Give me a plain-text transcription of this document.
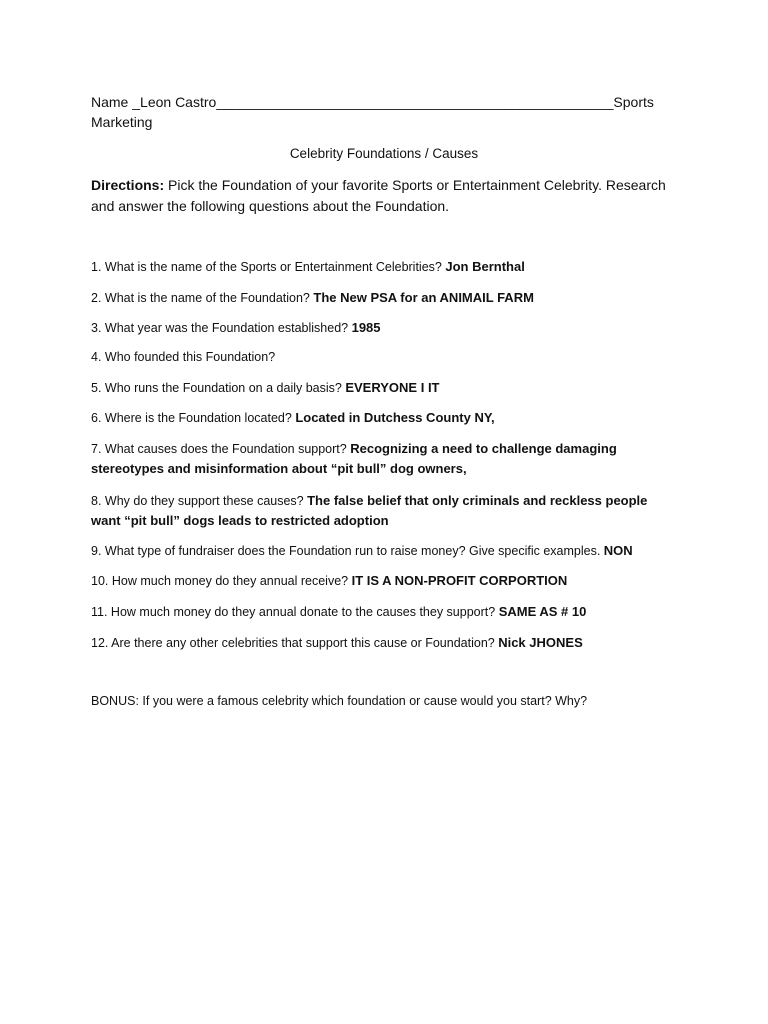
Name _Leon Castro___________________________________________________ Sports
Marketing
Celebrity Foundations / Causes
Directions: Pick the Foundation of your favorite Sports or Entertainment Celebrity. Research and answer the following questions about the Foundation.
1. What is the name of the Sports or Entertainment Celebrities? Jon Bernthal
2. What is the name of the Foundation? The New PSA for an ANIMAIL FARM
3. What year was the Foundation established? 1985
4. Who founded this Foundation?
5. Who runs the Foundation on a daily basis? EVERYONE I IT
6. Where is the Foundation located? Located in Dutchess County NY,
7. What causes does the Foundation support? Recognizing a need to challenge damaging stereotypes and misinformation about “pit bull” dog owners,
8. Why do they support these causes? The false belief that only criminals and reckless people want “pit bull” dogs leads to restricted adoption
9. What type of fundraiser does the Foundation run to raise money? Give specific examples. NON
10. How much money do they annual receive? IT IS A NON-PROFIT CORPORTION
11. How much money do they annual donate to the causes they support? SAME AS # 10
12. Are there any other celebrities that support this cause or Foundation? Nick JHONES
BONUS: If you were a famous celebrity which foundation or cause would you start? Why?
